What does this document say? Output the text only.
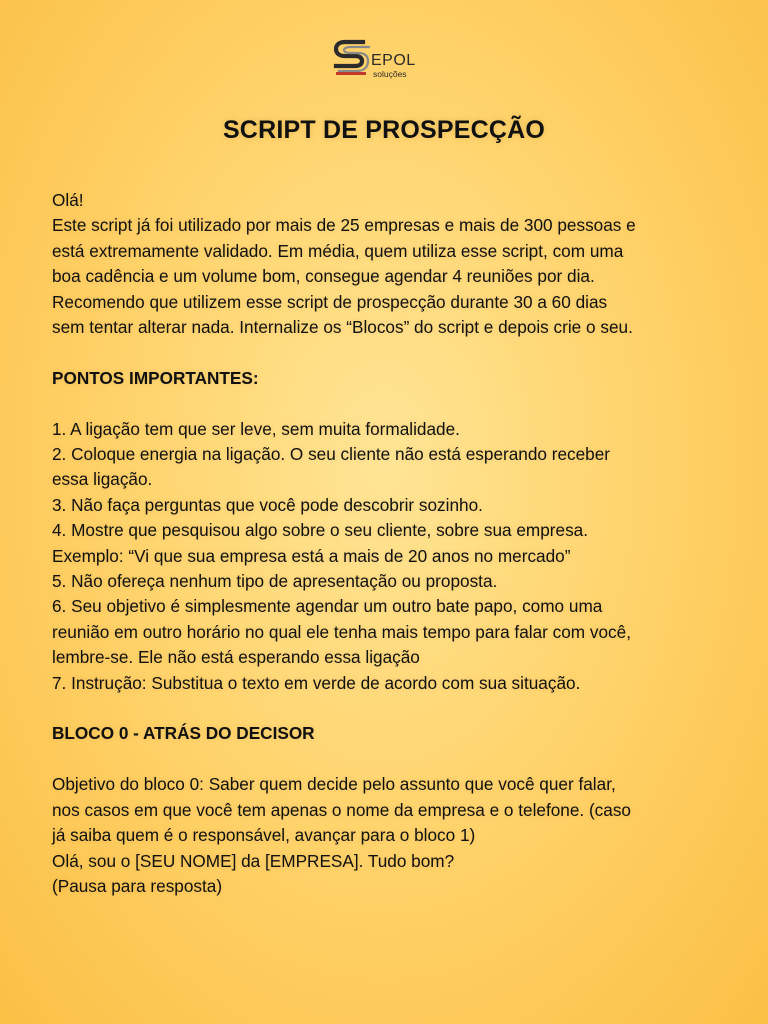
EPOL
soluções
SCRIPT DE PROSPECÇÃO
Olá!
Este script já foi utilizado por mais de 25 empresas e mais de 300 pessoas e
está extremamente validado. Em média, quem utiliza esse script, com uma
boa cadência e um volume bom, consegue agendar 4 reuniões por dia.
Recomendo que utilizem esse script de prospecção durante 30 a 60 dias
sem tentar alterar nada. Internalize os “Blocos” do script e depois crie o seu.
PONTOS IMPORTANTES:
1. A ligação tem que ser leve, sem muita formalidade.
2. Coloque energia na ligação. O seu cliente não está esperando receber
essa ligação.
3. Não faça perguntas que você pode descobrir sozinho.
4. Mostre que pesquisou algo sobre o seu cliente, sobre sua empresa.
Exemplo: “Vi que sua empresa está a mais de 20 anos no mercado”
5. Não ofereça nenhum tipo de apresentação ou proposta.
6. Seu objetivo é simplesmente agendar um outro bate papo, como uma
reunião em outro horário no qual ele tenha mais tempo para falar com você,
lembre-se. Ele não está esperando essa ligação
7. Instrução: Substitua o texto em verde de acordo com sua situação.
BLOCO 0 - ATRÁS DO DECISOR
Objetivo do bloco 0: Saber quem decide pelo assunto que você quer falar,
nos casos em que você tem apenas o nome da empresa e o telefone. (caso
já saiba quem é o responsável, avançar para o bloco 1)
Olá, sou o [SEU NOME] da [EMPRESA]. Tudo bom?
(Pausa para resposta)
